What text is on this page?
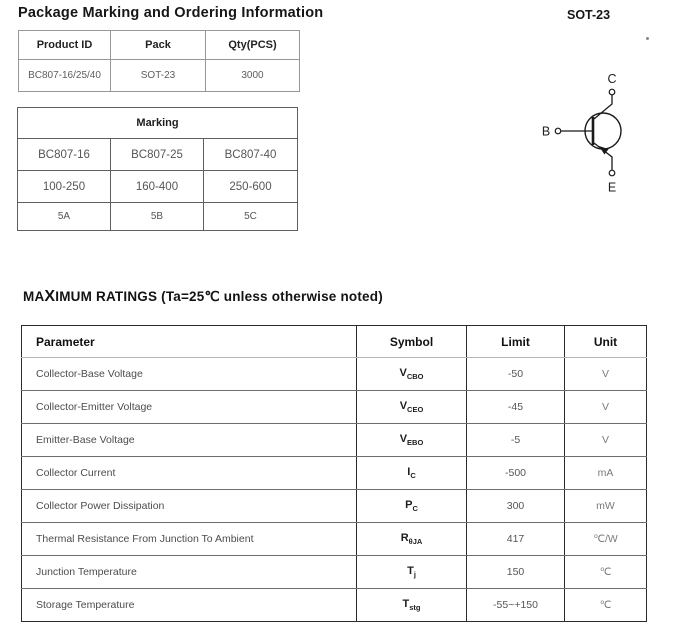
Package Marking and Ordering Information	SOT-23
Product ID	Pack	Qty(PCS)
BC807-16/25/40	SOT-23	3000
Marking		
BC807-16	BC807-25	BC807-40
100-250	160-400	250-600
5A	5B	5C
C
B
E
MAXIMUM RATINGS (Ta=25℃ unless otherwise noted)
Parameter	Symbol	Limit	Unit
Collector-Base Voltage	$V_{CBO}$	-50	V
Collector-Emitter Voltage	$V_{CEO}$	-45	V
Emitter-Base Voltage	$V_{EBO}$	-5	V
Collector Current	$I_C$	-500	mA
Collector Power Dissipation	$P_C$	300	mW
Thermal Resistance From Junction To Ambient	$R_{\theta JA}$	417	℃/W
Junction Temperature	$T_j$	150	℃
Storage Temperature	$T_{stg}$	-55~+150	℃
